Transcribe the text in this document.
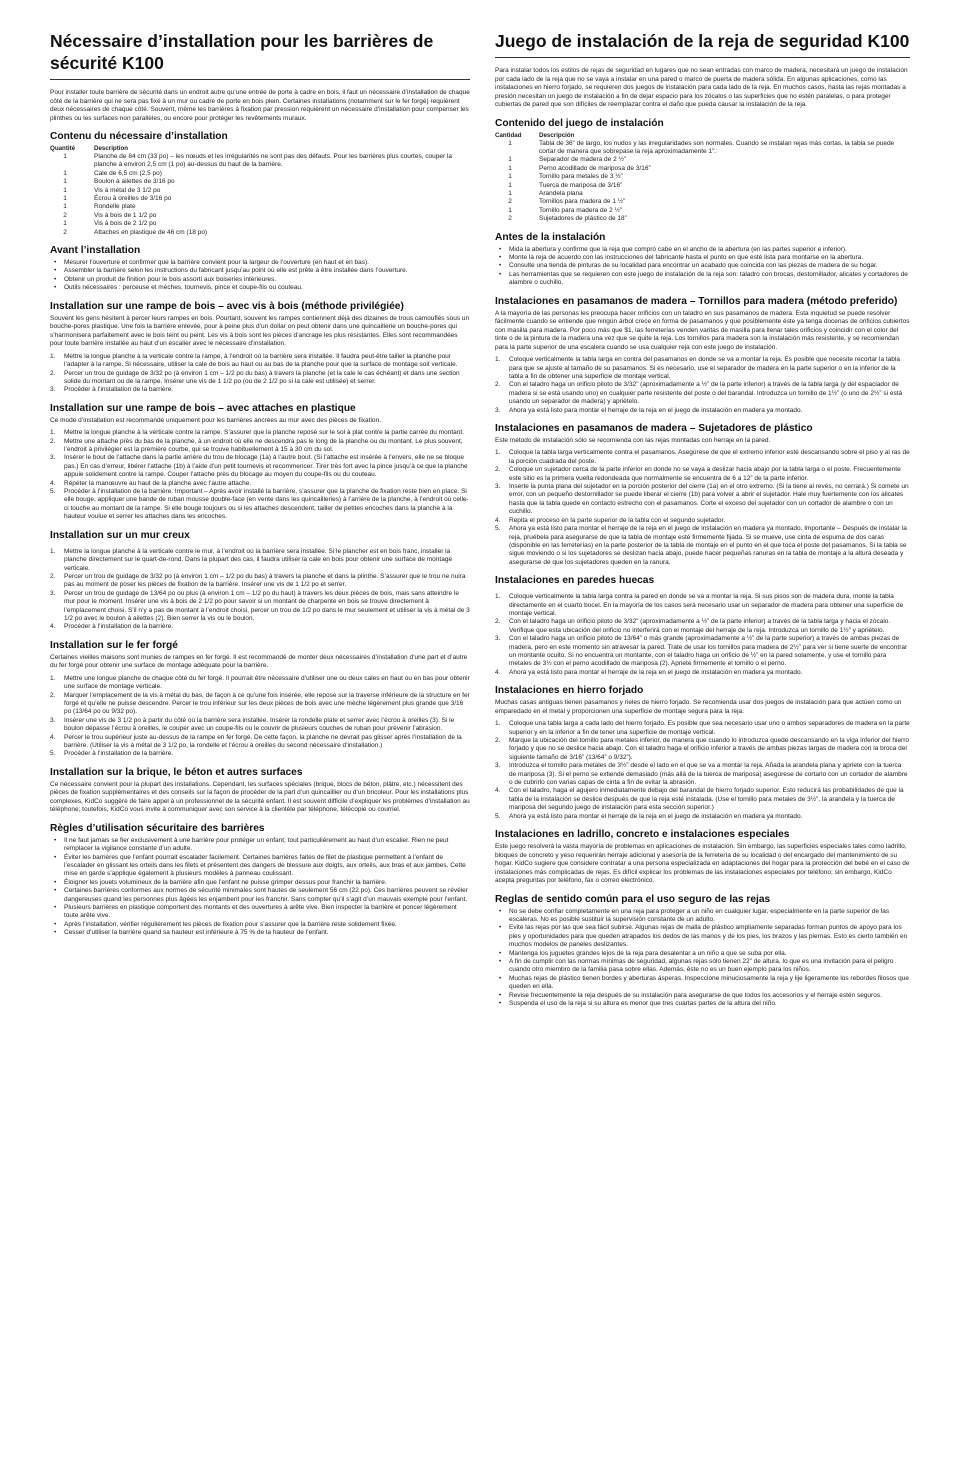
Nécessaire d’installation pour les barrières de sécurité K100

Pour installer toute barrière de sécurité dans un endroit autre qu’une entrée de porte à cadre en bois, il faut un nécessaire d’installation de chaque côté de la barrière qui ne sera pas fixé à un mur ou cadre de porte en bois plein. Certaines installations (notamment sur le fer forgé) requièrent deux nécessaires de chaque côté. Souvent, même les barrières à fixation par pression requièrent un nécessaire d’installation pour compenser les plinthes ou les surfaces non parallèles, ou encore pour protéger les revêtements muraux.

Contenu du nécessaire d’installation
Quantité	Description
1	Planche de 84 cm (33 po) – les nœuds et les irrégularités ne sont pas des défauts. Pour les barrières plus courtes, couper la planche à environ 2,5 cm (1 po) au-dessus du haut de la barrière.
1	Cale de 6,5 cm (2,5 po)
1	Boulon à ailettes de 3/16 po
1	Vis à métal de 3 1/2 po
1	Écrou à oreilles de 3/16 po
1	Rondelle plate
2	Vis à bois de 1 1/2 po
1	Vis à bois de 2 1/2 po
2	Attaches en plastique de 46 cm (18 po)
Avant l’installation
• Mesurer l’ouverture et confirmer que la barrière convient pour la largeur de l’ouverture (en haut et en bas).
• Assembler la barrière selon les instructions du fabricant jusqu’au point où elle est prête à être installée dans l’ouverture.
• Obtenir un produit de finition pour le bois assorti aux boiseries intérieures.
• Outils nécessaires : perceuse et mèches, tournevis, pince et coupe-fils ou couteau.
Installation sur une rampe de bois – avec vis à bois (méthode privilégiée)

Souvent les gens hésitent à percer leurs rampes en bois. Pourtant, souvent les rampes contiennent déjà des dizaines de trous camouflés sous un bouche-pores plastique. Une fois la barrière enlevée, pour à peine plus d’un dollar on peut obtenir dans une quincaillerie un bouche-pores qui s’harmonisera parfaitement avec le bois teint ou peint. Les vis à bois sont les pièces d’ancrage les plus résistantes. Elles sont recommandées pour toute barrière installée au haut d’un escalier avec le nécessaire d’installation.

1.	Mettre la longue planche à la verticale contre la rampe, à l’endroit où la barrière sera installée. Il faudra peut-être tailler la planche pour l’adapter à la rampe. Si nécessaire, utiliser la cale de bois au haut ou au bas de la planche pour que la surface de montage soit verticale.
2.	Percer un trou de guidage de 3/32 po (à environ 1 cm – 1/2 po du bas) à travers la planche (et la cale le cas échéant) et dans une section solide du montant ou de la rampe. Insérer une vis de 1 1/2 po (ou de 2 1/2 po si la cale est utilisée) et serrer.
3.	Procéder à l’installation de la barrière.
Installation sur une rampe de bois – avec attaches en plastique

Ce mode d’installation est recommandé uniquement pour les barrières ancrées au mur avec des pièces de fixation.

1.	Mettre la longue planche à la verticale contre la rampe. S’assurer que la planche repose sur le sol à plat contre la partie carrée du montant.
2.	Mettre une attache près du bas de la planche, à un endroit où elle ne descendra pas le long de la planche ou du montant. Le plus souvent, l’endroit à privilégier est la première courbe, qui se trouve habituellement à 15 à 30 cm du sol.
3.	Insérer le bout de l’attache dans la partie arrière du trou de blocage (1a) à l’autre bout. (Si l’attache est insérée à l’envers, elle ne se bloque pas.) En cas d’erreur, libérer l’attache (1b) à l’aide d’un petit tournevis et recommencer. Tirer très fort avec la pince jusqu’à ce que la planche appuie solidement contre la rampe. Couper l’attache près du blocage au moyen du coupe-fils ou du couteau.
4.	Répéter la manœuvre au haut de la planche avec l’autre attache.
5.	Procéder à l’installation de la barrière. Important – Après avoir installé la barrière, s’assurer que la planche de fixation reste bien en place. Si elle bouge, appliquer une bande de ruban mousse double-face (en vente dans les quincailleries) à l’arrière de la planche, à l’endroit où celle-ci touche au montant de la rampe. Si elle bouge toujours ou si les attaches descendent, tailler de petites encoches dans la planche à la hauteur voulue et serrer les attaches dans les encoches.
Installation sur un mur creux
1.	Mettre la longue planche à la verticale contre le mur, à l’endroit où la barrière sera installée. Si le plancher est en bois franc, installer la planche directement sur le quart-de-rond. Dans la plupart des cas, il faudra utiliser la cale en bois pour obtenir une surface de montage verticale.
2.	Percer un trou de guidage de 3/32 po (à environ 1 cm – 1/2 po du bas) à travers la planche et dans la plinthe. S’assurer que le trou ne nuira pas au moment de poser les pièces de fixation de la barrière. Insérer une vis de 1 1/2 po et serrer.
3.	Percer un trou de guidage de 13/64 po ou plus (à environ 1 cm – 1/2 po du haut) à travers les deux pièces de bois, mais sans atteindre le mur pour le moment. Insérer une vis à bois de 2 1/2 po pour savoir si un montant de charpente en bois se trouve directement à l’emplacement choisi. S’il n’y a pas de montant à l’endroit choisi, percer un trou de 1/2 po dans le mur seulement et utiliser la vis à métal de 3 1/2 po avec le boulon à ailettes (2). Bien serrer la vis ou le boulon.
4.	Procéder à l’installation de la barrière.
Installation sur le fer forgé

Certaines vieilles maisons sont munies de rampes en fer forgé. Il est recommandé de monter deux nécessaires d’installation d’une part et d’autre du fer forgé pour obtenir une surface de montage adéquate pour la barrière.

1.	Mettre une longue planche de chaque côté du fer forgé. Il pourrait être nécessaire d’utiliser une ou deux cales en haut ou en bas pour obtenir une surface de montage verticale.
2.	Marquer l’emplacement de la vis à métal du bas, de façon à ce qu’une fois insérée, elle repose sur la traverse inférieure de la structure en fer forgé et qu’elle ne puisse descendre. Percer le trou inférieur sur les deux pièces de bois avec une mèche légèrement plus grande que 3/16 po (13/64 po ou 9/32 po).
3.	Insérer une vis de 3 1/2 po à partir du côté où la barrière sera installée. Insérer la rondelle plate et serrer avec l’écrou à oreilles (3). Si le boulon dépasse l’écrou à oreilles, le couper avec un coupe-fils ou le couvrir de plusieurs couches de ruban pour prévenir l’abrasion.
4.	Percer le trou supérieur juste au-dessus de la rampe en fer forgé. De cette façon, la planche ne devrait pas glisser après l’installation de la barrière. (Utiliser la vis à métal de 3 1/2 po, la rondelle et l’écrou à oreilles du second nécessaire d’installation.)
5.	Procéder à l’installation de la barrière.
Installation sur la brique, le béton et autres surfaces

Ce nécessaire convient pour la plupart des installations. Cependant, les surfaces spéciales (brique, blocs de béton, plâtre, etc.) nécessitent des pièces de fixation supplémentaires et des conseils sur la façon de procéder de la part d’un quincaillier ou d’un bricoleur. Pour les installations plus complexes, KidCo suggère de faire appel à un professionnel de la sécurité enfant. Il est souvent difficile d’expliquer les problèmes d’installation au téléphone; toutefois, KidCo vous invite à communiquer avec son service à la clientèle par téléphone, télécopie ou courriel.

Règles d’utilisation sécuritaire des barrières
• Il ne faut jamais se fier exclusivement à une barrière pour protéger un enfant, tout particulièrement au haut d’un escalier. Rien ne peut remplacer la vigilance constante d’un adulte.
• Éviter les barrières que l’enfant pourrait escalader facilement. Certaines barrières faites de filet de plastique permettent à l’enfant de l’escalader en glissant les orteils dans les filets et présentent des dangers de blessure aux doigts, aux orteils, aux bras et aux jambes. Cette mise en garde s’applique également à plusieurs modèles à panneau coulissant.
• Éloigner les jouets volumineux de la barrière afin que l’enfant ne puisse grimper dessus pour franchir la barrière.
• Certaines barrières conformes aux normes de sécurité minimales sont hautes de seulement 56 cm (22 po). Ces barrières peuvent se révéler dangereuses quand les personnes plus âgées les enjambent pour les franchir. Sans compter qu’il s’agit d’un mauvais exemple pour l’enfant.
• Plusieurs barrières en plastique comportent des montants et des ouvertures à arête vive. Bien inspecter la barrière et poncer légèrement toute arête vive.
• Après l’installation, vérifier régulièrement les pièces de fixation pour s’assurer que la barrière reste solidement fixée.
• Cesser d’utiliser la barrière quand sa hauteur est inférieure à 75 % de la hauteur de l’enfant.
Juego de instalación de la reja de seguridad K100

Para instalar todos los estilos de rejas de seguridad en lugares que no sean entradas con marco de madera, necesitará un juego de instalación por cada lado de la reja que no se vaya a instalar en una pared o marco de puerta de madera sólida. En algunas aplicaciones, como las instalaciones en hierro forjado, se requieren dos juegos de instalación para cada lado de la reja. En muchos casos, hasta las rejas montadas a presión necesitan un juego de instalación a fin de dejar espacio para los zócalos o las superficies que no estén paralelas, o para proteger cubiertas de pared que son difíciles de reemplazar contra el daño que pueda causar la instalación de la reja.

Contenido del juego de instalación
Cantidad	Descripción
1	Tabla de 36” de largo, los nudos y las irregularidades son normales. Cuando se instalan rejas más cortas, la tabla se puede cortar de manera que sobrepase la reja aproximadamente 1”.
1	Separador de madera de 2 ½”
1	Perno acodillado de mariposa de 3/16”
1	Tornillo para metales de 3 ½”
1	Tuerca de mariposa de 3/16”
1	Arandela plana
2	Tornillos para madera de 1 ½”
1	Tornillo para madera de 2 ½”
2	Sujetadores de plástico de 18”
Antes de la instalación
• Mida la abertura y confirme que la reja que compró cabe en el ancho de la abertura (en las partes superior e inferior).
• Monte la reja de acuerdo con las instrucciones del fabricante hasta el punto en que esté lista para montarse en la abertura.
• Consulte una tienda de pinturas de su localidad para encontrar un acabado que coincida con las piezas de madera de su hogar.
• Las herramientas que se requieren con este juego de instalación de la reja son: taladro con brocas, destornillador, alicates y cortadores de alambre o cuchillo.
Instalaciones en pasamanos de madera – Tornillos para madera (método preferido)

A la mayoría de las personas les preocupa hacer orificios con un taladro en sus pasamanos de madera. Esta inquietud se puede resolver fácilmente cuando se entiende que ningún árbol crece en forma de pasamanos y que posiblemente éste ya tenga docenas de orificios cubiertos con masilla para madera. Por poco más que $1, las ferreterías venden varitas de masilla para llenar tales orificios y coincidir con el color del tinte o de la pintura de la madera una vez que se quite la reja. Los tornillos para madera son la instalación más resistente, y se recomiendan para la parte superior de una escalera cuando se usa cualquier reja con este juego de instalación.

1.	Coloque verticalmente la tabla larga en contra del pasamanos en donde se va a montar la reja. Es posible que necesite recortar la tabla para que se ajuste al tamaño de su pasamanos. Si es necesario, use el separador de madera en la parte superior o en la inferior de la tabla a fin de obtener una superficie de montaje vertical.
2.	Con el taladro haga un orificio piloto de 3/32” (aproximadamente a ½” de la parte inferior) a través de la tabla larga (y del espaciador de madera si se está usando uno) en cualquier parte resistente del poste o del barandal. Introduzca un tornillo de 1½” (o uno de 2½” si está usando un separador de madera) y apriételo.
3.	Ahora ya está listo para montar el herraje de la reja en el juego de instalación en madera ya montado.
Instalaciones en pasamanos de madera – Sujetadores de plástico

Este método de instalación sólo se recomienda con las rejas montadas con herraje en la pared.

1.	Coloque la tabla larga verticalmente contra el pasamanos. Asegúrese de que el extremo inferior esté descansando sobre el piso y al ras de la porción cuadrada del poste.
2.	Coloque un sujetador cerca de la parte inferior en donde no se vaya a deslizar hacia abajo por la tabla larga o el poste. Frecuentemente este sitio es la primera vuelta redondeada que normalmente se encuentra de 6 a 12” de la parte inferior.
3.	Inserte la punta plana del sujetador en la porción posterior del cierre (1a) en el otro extremo. (Si la tiene al revés, no cerrará.) Si comete un error, con un pequeño destornillador se puede liberar el cierre (1b) para volver a abrir el sujetador. Hale muy fuertemente con los alicates hasta que la tabla quede en contacto estrecho con el pasamanos. Corte el exceso del sujetador con un cortador de alambre o con un cuchillo.
4.	Repita el proceso en la parte superior de la tabla con el segundo sujetador.
5.	Ahora ya está listo para montar el herraje de la reja en el juego de instalación en madera ya montado. Importante – Después de instalar la reja, pruébela para asegurarse de que la tabla de montaje esté firmemente fijada. Si se mueve, use cinta de espuma de dos caras (disponible en las ferreterías) en la parte posterior de la tabla de montaje en el punto en el que toca el poste del pasamanos. Si la tabla se sigue moviendo o si los sujetadores se deslizan hacia abajo, puede hacer pequeñas ranuras en la tabla de montaje a la altura deseada y asegurarse de que los sujetadores queden en la ranura.
Instalaciones en paredes huecas
1.	Coloque verticalmente la tabla larga contra la pared en donde se va a montar la reja. Si sus pisos son de madera dura, monte la tabla directamente en el cuarto bocel. En la mayoría de los casos será necesario usar un separador de madera para obtener una superficie de montaje vertical.
2.	Con el taladro haga un orificio piloto de 3/32” (aproximadamente a ½” de la parte inferior) a través de la tabla larga y hacia el zócalo. Verifique que esta ubicación del orificio no interferirá con el montaje del herraje de la reja. Introduzca un tornillo de 1½” y apriételo.
3.	Con el taladro haga un orificio piloto de 13/64” o más grande (aproximadamente a ½” de la parte superior) a través de ambas piezas de madera, pero en este momento sin atravesar la pared. Trate de usar los tornillos para madera de 2½” para ver si tiene suerte de encontrar un montante oculto. Si no encuentra un montante, con el taladro haga un orificio de ½” en la pared solamente, y use el tornillo para metales de 3½ con el perno acodillado de mariposa (2). Apriete firmemente el tornillo o el perno.
4.	Ahora ya está listo para montar el herraje de la reja en el juego de instalación en madera ya montado.
Instalaciones en hierro forjado

Muchas casas antiguas tienen pasamanos y rieles de hierro forjado. Se recomienda usar dos juegos de instalación para que actúen como un emparedado en el metal y proporcionen una superficie de montaje segura para la reja.

1.	Coloque una tabla larga a cada lado del hierro forjado. Es posible que sea necesario usar uno o ambos separadores de madera en la parte superior y en la inferior a fin de tener una superficie de montaje vertical.
2.	Marque la ubicación del tornillo para metales inferior, de manera que cuando lo introduzca quede descansando en la viga inferior del hierro forjado y que no se deslice hacia abajo. Con el taladro haga el orificio inferior a través de ambas piezas largas de madera con la broca del siguiente tamaño de 3/16” (13/64” o 9/32”).
3.	Introduzca el tornillo para metales de 3½” desde el lado en el que se va a montar la reja. Añada la arandela plana y apriete con la tuerca de mariposa (3). Si el perno se extiende demasiado (más allá de la tuerca de mariposa) asegúrese de cortarlo con un cortador de alambre o de cubrirlo con varias capas de cinta a fin de evitar la abrasión.
4.	Con el taladro, haga el agujero inmediatamente debajo del barandal de hierro forjado superior. Esto reducirá las probabilidades de que la tabla de la instalación se deslice después de que la reja esté instalada. (Use el tornillo para metales de 3½”, la arandela y la tuerca de mariposa del segundo juego de instalación para esta sección superior.)
5.	Ahora ya está listo para montar el herraje de la reja en el juego de instalación en madera ya montado.
Instalaciones en ladrillo, concreto e instalaciones especiales

Este juego resolverá la vasta mayoría de problemas en aplicaciones de instalación. Sin embargo, las superficies especiales tales como ladrillo, bloques de concreto y yeso requerirán herraje adicional y asesoría de la ferretería de su localidad o del encargado del mantenimiento de su hogar. KidCo sugiere que considere contratar a una persona especializada en adaptaciones del hogar para la protección del bebé en el caso de instalaciones más complicadas de rejas. Es difícil explicar los problemas de las instalaciones especiales por teléfono; sin embargo, KidCo acepta preguntas por teléfono, fax o correo electrónico.

Reglas de sentido común para el uso seguro de las rejas
• No se debe confiar completamente en una reja para proteger a un niño en cualquier lugar, especialmente en la parte superior de las escaleras. No es posible sustituir la supervisión constante de un adulto.
• Evite las rejas por las que sea fácil subirse. Algunas rejas de malla de plástico ampliamente separadas forman puntos de apoyo para los pies y oportunidades para que queden atrapados los dedos de las manos y de los pies, los brazos y las piernas. Esto es cierto también en muchos modelos de paneles deslizantes.
• Mantenga los juguetes grandes lejos de la reja para desalentar a un niño a que se suba por ella.
• A fin de cumplir con las normas mínimas de seguridad, algunas rejas sólo tienen 22” de altura, lo que es una invitación para el peligro cuando otro miembro de la familia pasa sobre ellas. Además, éste no es un buen ejemplo para los niños.
• Muchas rejas de plástico tienen bordes y aberturas ásperas. Inspeccione minuciosamente la reja y lije ligeramente los rebordes filosos que queden en ella.
• Revise frecuentemente la reja después de su instalación para asegurarse de que todos los accesorios y el herraje estén seguros.
• Suspenda el uso de la reja si su altura es menor que tres cuartas partes de la altura del niño.
